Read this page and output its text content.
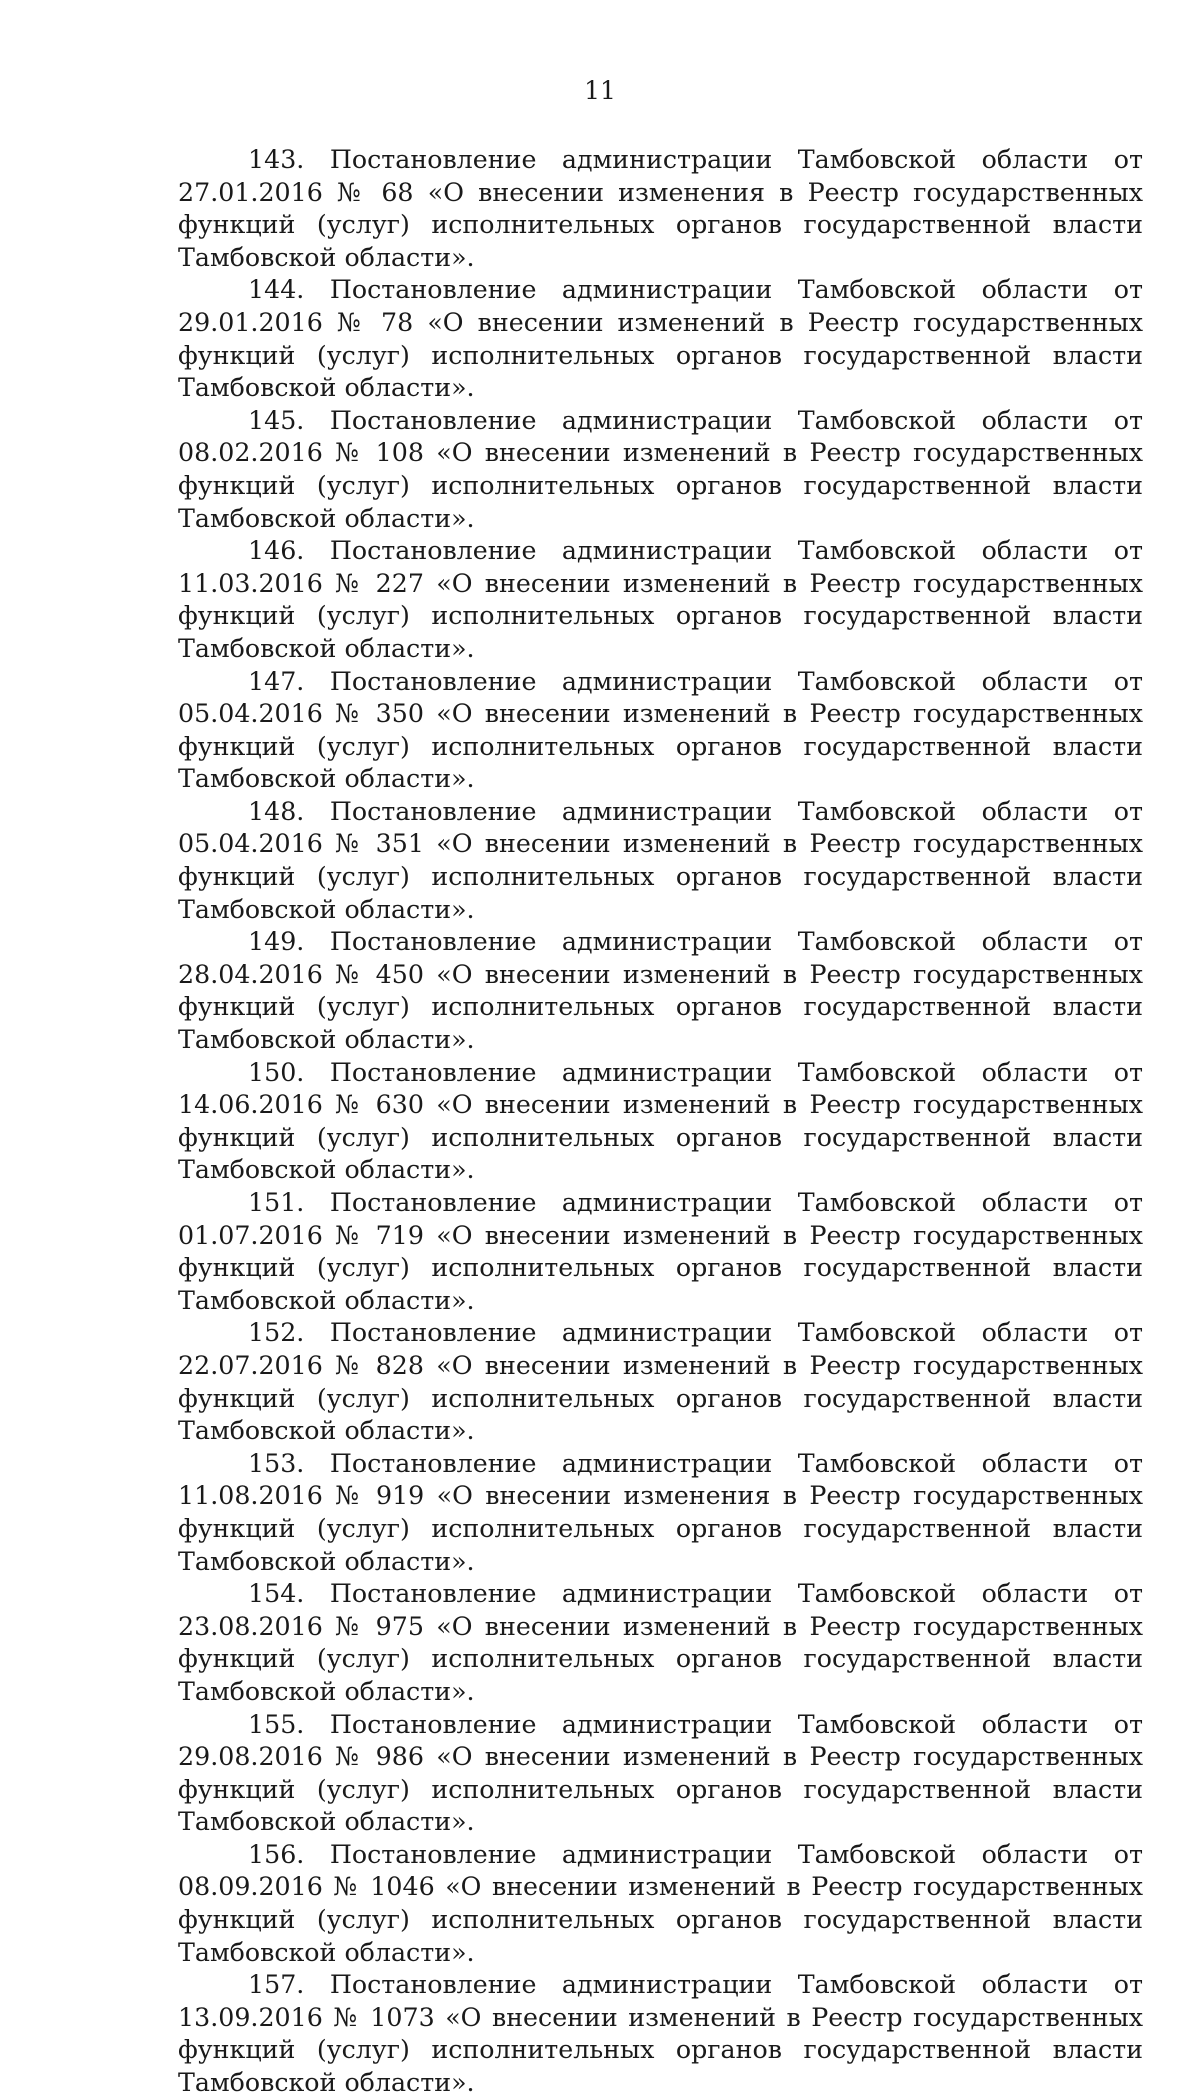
11

143. Постановление администрации Тамбовской области от 27.01.2016 № 68 «О внесении изменения в Реестр государственных функций (услуг) исполнительных органов государственной власти Тамбовской области».

144. Постановление администрации Тамбовской области от 29.01.2016 № 78 «О внесении изменений в Реестр государственных функций (услуг) исполнительных органов государственной власти Тамбовской области».

145. Постановление администрации Тамбовской области от 08.02.2016 № 108 «О внесении изменений в Реестр государственных функций (услуг) исполнительных органов государственной власти Тамбовской области».

146. Постановление администрации Тамбовской области от 11.03.2016 № 227 «О внесении изменений в Реестр государственных функций (услуг) исполнительных органов государственной власти Тамбовской области».

147. Постановление администрации Тамбовской области от 05.04.2016 № 350 «О внесении изменений в Реестр государственных функций (услуг) исполнительных органов государственной власти Тамбовской области».

148. Постановление администрации Тамбовской области от 05.04.2016 № 351 «О внесении изменений в Реестр государственных функций (услуг) исполнительных органов государственной власти Тамбовской области».

149. Постановление администрации Тамбовской области от 28.04.2016 № 450 «О внесении изменений в Реестр государственных функций (услуг) исполнительных органов государственной власти Тамбовской области».

150. Постановление администрации Тамбовской области от 14.06.2016 № 630 «О внесении изменений в Реестр государственных функций (услуг) исполнительных органов государственной власти Тамбовской области».

151. Постановление администрации Тамбовской области от 01.07.2016 № 719 «О внесении изменений в Реестр государственных функций (услуг) исполнительных органов государственной власти Тамбовской области».

152. Постановление администрации Тамбовской области от 22.07.2016 № 828 «О внесении изменений в Реестр государственных функций (услуг) исполнительных органов государственной власти Тамбовской области».

153. Постановление администрации Тамбовской области от 11.08.2016 № 919 «О внесении изменения в Реестр государственных функций (услуг) исполнительных органов государственной власти Тамбовской области».

154. Постановление администрации Тамбовской области от 23.08.2016 № 975 «О внесении изменений в Реестр государственных функций (услуг) исполнительных органов государственной власти Тамбовской области».

155. Постановление администрации Тамбовской области от 29.08.2016 № 986 «О внесении изменений в Реестр государственных функций (услуг) исполнительных органов государственной власти Тамбовской области».

156. Постановление администрации Тамбовской области от 08.09.2016 № 1046 «О внесении изменений в Реестр государственных функций (услуг) исполнительных органов государственной власти Тамбовской области».

157. Постановление администрации Тамбовской области от 13.09.2016 № 1073 «О внесении изменений в Реестр государственных функций (услуг) исполнительных органов государственной власти Тамбовской области».
